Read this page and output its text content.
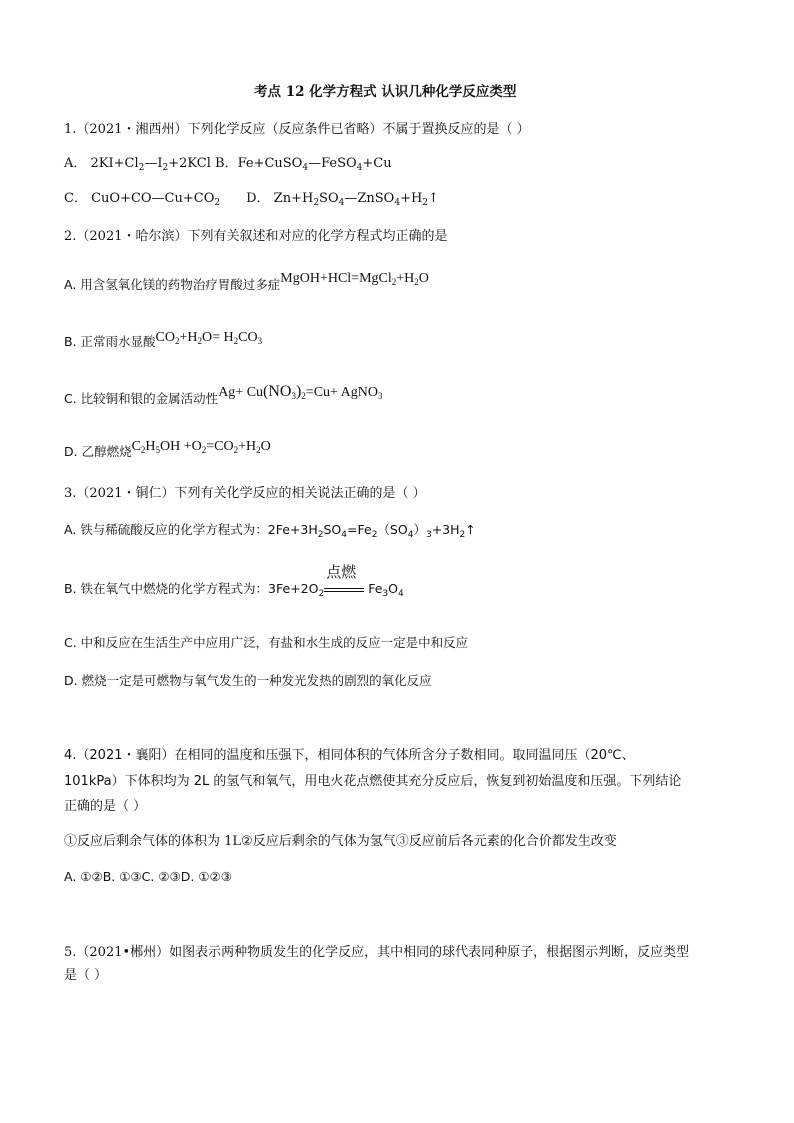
考点 12 化学方程式 认识几种化学反应类型
1.（2021・湘西州）下列化学反应（反应条件已省略）不属于置换反应的是（ ）
A． $2KI+Cl_2—I_2+2KCl$ B．Fe+CuSO$_4$—FeSO$_4$+Cu
C． $CuO+CO—Cu+CO_2$ D． $Zn+H_2SO_4—ZnSO_4+H_2↑$
2.（2021・哈尔滨）下列有关叙述和对应的化学方程式均正确的是
A. 用含氢氧化镁的药物治疗胃酸过多症$MgOH+HCl=MgCl_2+H_2O$
B. 正常雨水显酸$CO_2+H_2O= H_2CO_3$
C. 比较铜和银的金属活动性$Ag+ Cu(NO_3)_2=Cu+$ AgNO$_3$
D. 乙醇燃烧$C_2H_5OH +O_2=CO_2+H_2O$
3.（2021・铜仁）下列有关化学反应的相关说法正确的是（ ）
A. 铁与稀硫酸反应的化学方程式为：$2Fe+3H_2SO_4=Fe_2(SO_4)_3+3H_2↑$
B. 铁在氧气中燃烧的化学方程式为：$3Fe+2O_2$
点燃
$Fe_3O_4$
C. 中和反应在生活生产中应用广泛，有盐和水生成的反应一定是中和反应
D. 燃烧一定是可燃物与氧气发生的一种发光发热的剧烈的氧化反应
4.（2021・襄阳）在相同的温度和压强下，相同体积的气体所含分子数相同。取同温同压（20℃、
101kPa）下体积均为 2L 的氢气和氧气，用电火花点燃使其充分反应后，恢复到初始温度和压强。下列结论
正确的是（ ）
①反应后剩余气体的体积为 1L②反应后剩余的气体为氢气③反应前后各元素的化合价都发生改变
A. ①②B. ①③C. ②③D. ①②③
5.（2021•郴州）如图表示两种物质发生的化学反应，其中相同的球代表同种原子，根据图示判断，反应类型
是（ ）
